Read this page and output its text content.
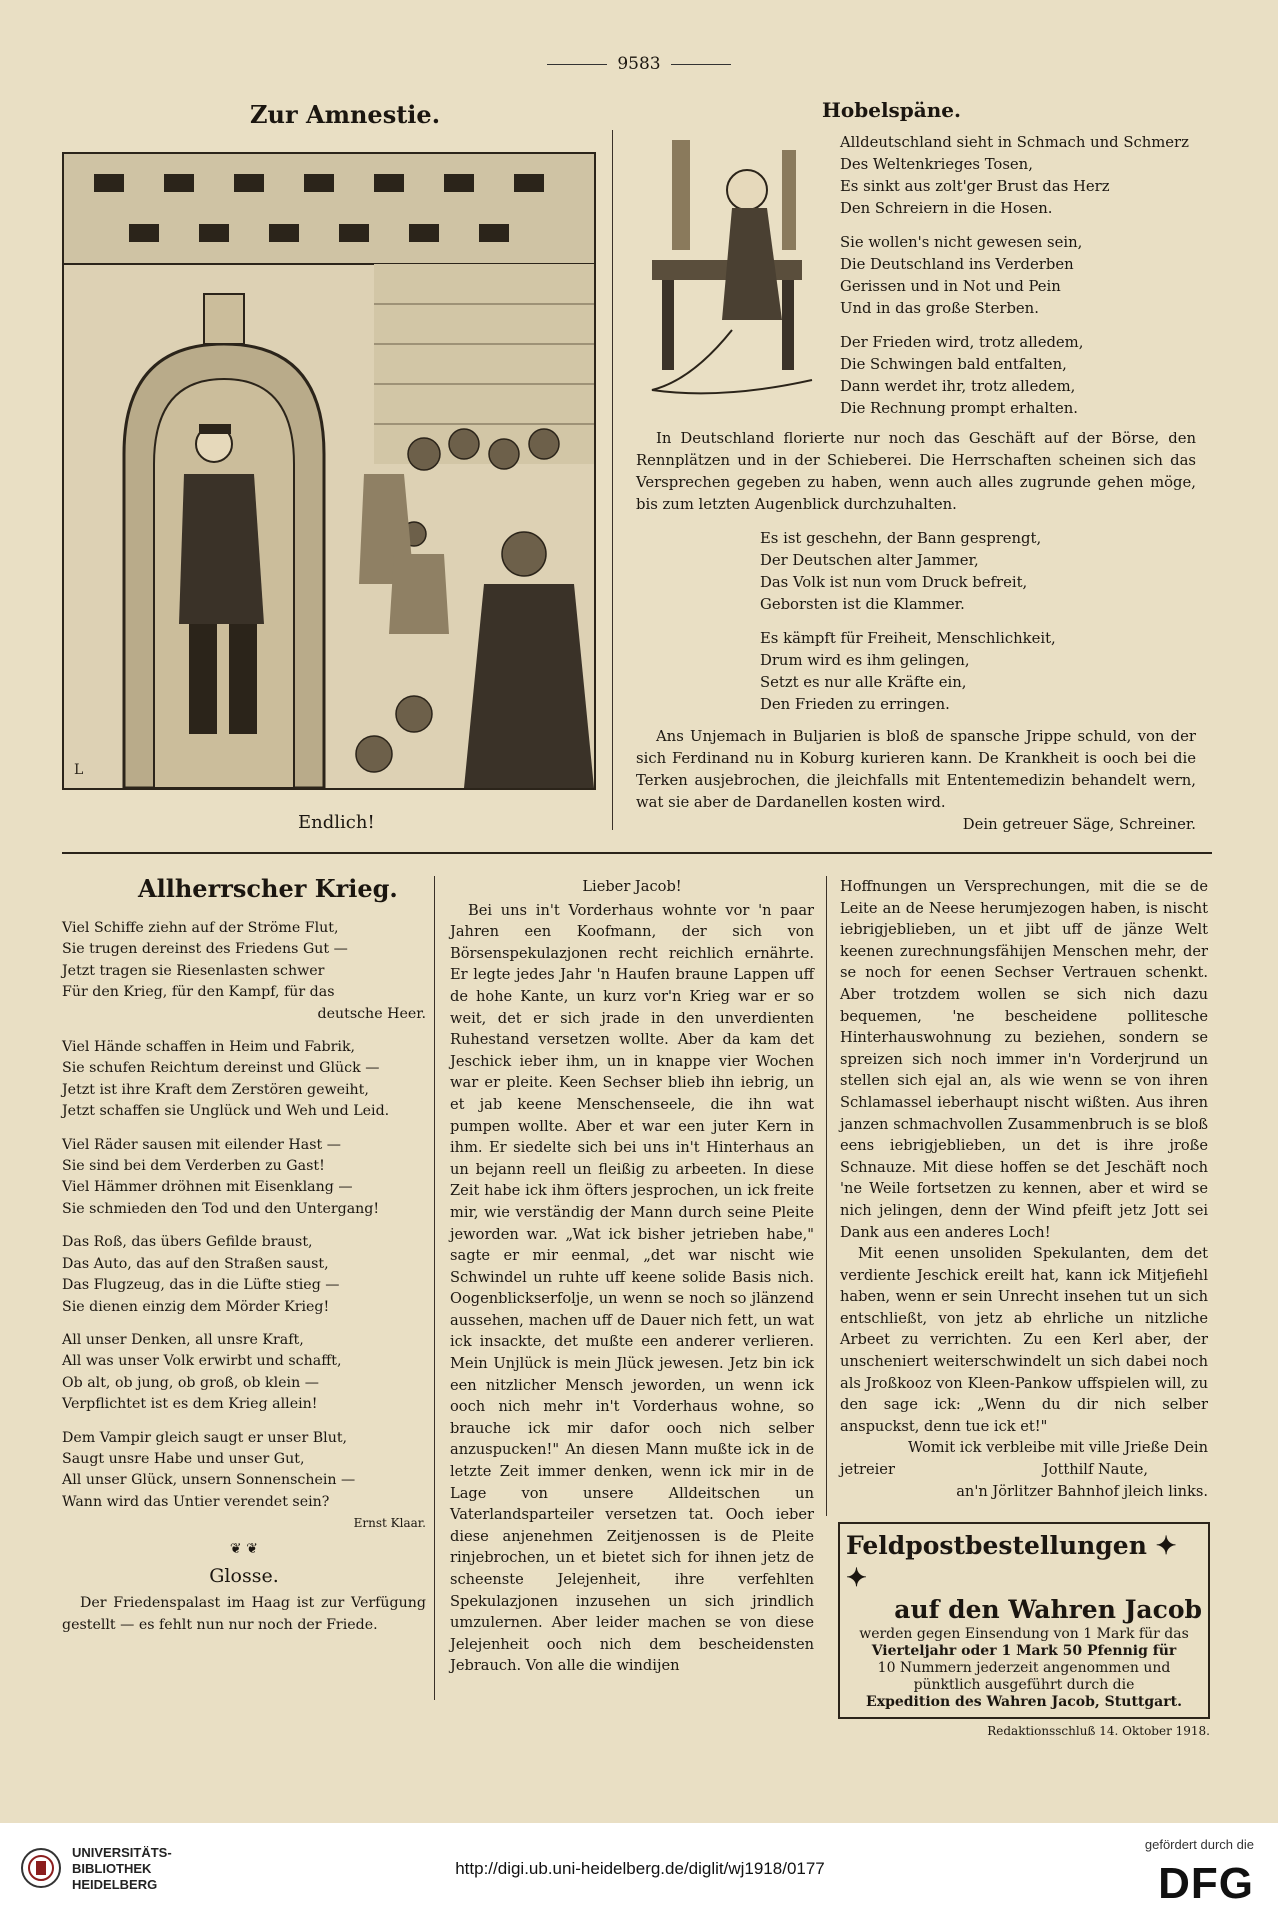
9583
Zur Amnestie.
L
Endlich!
Hobelspäne.
Alldeutschland sieht in Schmach und Schmerz
Des Weltenkrieges Tosen,
Es sinkt aus zolt'ger Brust das Herz
Den Schreiern in die Hosen.
Sie wollen's nicht gewesen sein,
Die Deutschland ins Verderben
Gerissen und in Not und Pein
Und in das große Sterben.
Der Frieden wird, trotz alledem,
Die Schwingen bald entfalten,
Dann werdet ihr, trotz alledem,
Die Rechnung prompt erhalten.
In Deutschland florierte nur noch das Geschäft auf der Börse, den Rennplätzen und in der Schieberei. Die Herrschaften scheinen sich das Versprechen gegeben zu haben, wenn auch alles zugrunde gehen möge, bis zum letzten Augenblick durchzuhalten.
Es ist geschehn, der Bann gesprengt,
Der Deutschen alter Jammer,
Das Volk ist nun vom Druck befreit,
Geborsten ist die Klammer.
Es kämpft für Freiheit, Menschlichkeit,
Drum wird es ihm gelingen,
Setzt es nur alle Kräfte ein,
Den Frieden zu erringen.
Ans Unjemach in Buljarien is bloß de spansche Jrippe schuld, von der sich Ferdinand nu in Koburg kurieren kann. De Krankheit is ooch bei die Terken ausjebrochen, die jleichfalls mit Ententemedizin behandelt wern, wat sie aber de Dardanellen kosten wird.
Dein getreuer Säge, Schreiner.
Allherrscher Krieg.
Viel Schiffe ziehn auf der Ströme Flut,
Sie trugen dereinst des Friedens Gut —
Jetzt tragen sie Riesenlasten schwer
Für den Krieg, für den Kampf, für das
deutsche Heer.
Viel Hände schaffen in Heim und Fabrik,
Sie schufen Reichtum dereinst und Glück —
Jetzt ist ihre Kraft dem Zerstören geweiht,
Jetzt schaffen sie Unglück und Weh und Leid.
Viel Räder sausen mit eilender Hast —
Sie sind bei dem Verderben zu Gast!
Viel Hämmer dröhnen mit Eisenklang —
Sie schmieden den Tod und den Untergang!
Das Roß, das übers Gefilde braust,
Das Auto, das auf den Straßen saust,
Das Flugzeug, das in die Lüfte stieg —
Sie dienen einzig dem Mörder Krieg!
All unser Denken, all unsre Kraft,
All was unser Volk erwirbt und schafft,
Ob alt, ob jung, ob groß, ob klein —
Verpflichtet ist es dem Krieg allein!
Dem Vampir gleich saugt er unser Blut,
Saugt unsre Habe und unser Gut,
All unser Glück, unsern Sonnenschein —
Wann wird das Untier verendet sein?
Ernst Klaar.
❦ ❦
Glosse.
Der Friedenspalast im Haag ist zur Verfügung gestellt — es fehlt nun nur noch der Friede.
Lieber Jacob!

Bei uns in't Vorderhaus wohnte vor 'n paar Jahren een Koofmann, der sich von Börsenspekulazjonen recht reichlich ernährte. Er legte jedes Jahr 'n Haufen braune Lappen uff de hohe Kante, un kurz vor'n Krieg war er so weit, det er sich jrade in den unverdienten Ruhestand versetzen wollte. Aber da kam det Jeschick ieber ihm, un in knappe vier Wochen war er pleite. Keen Sechser blieb ihn iebrig, un et jab keene Menschenseele, die ihn wat pumpen wollte. Aber et war een juter Kern in ihm. Er siedelte sich bei uns in't Hinterhaus an un bejann reell un fleißig zu arbeeten. In diese Zeit habe ick ihm öfters jesprochen, un ick freite mir, wie verständig der Mann durch seine Pleite jeworden war. „Wat ick bisher jetrieben habe," sagte er mir eenmal, „det war nischt wie Schwindel un ruhte uff keene solide Basis nich. Oogenblickserfolje, un wenn se noch so jlänzend aussehen, machen uff de Dauer nich fett, un wat ick insackte, det mußte een anderer verlieren. Mein Unjlück is mein Jlück jewesen. Jetz bin ick een nitzlicher Mensch jeworden, un wenn ick ooch nich mehr in't Vorderhaus wohne, so brauche ick mir dafor ooch nich selber anzuspucken!" An diesen Mann mußte ick in de letzte Zeit immer denken, wenn ick mir in de Lage von unsere Alldeitschen un Vaterlandsparteiler versetzen tat. Ooch ieber diese anjenehmen Zeitjenossen is de Pleite rinjebrochen, un et bietet sich for ihnen jetz de scheenste Jelejenheit, ihre verfehlten Spekulazjonen inzusehen un sich jrindlich umzulernen. Aber leider machen se von diese Jelejenheit ooch nich dem bescheidensten Jebrauch. Von alle die windijen

Hoffnungen un Versprechungen, mit die se de Leite an de Neese herumjezogen haben, is nischt iebrigjeblieben, un et jibt uff de jänze Welt keenen zurechnungsfähijen Menschen mehr, der se noch for eenen Sechser Vertrauen schenkt. Aber trotzdem wollen se sich nich dazu bequemen, 'ne bescheidene pollitesche Hinterhauswohnung zu beziehen, sondern se spreizen sich noch immer in'n Vorderjrund un stellen sich ejal an, als wie wenn se von ihren Schlamassel ieberhaupt nischt wißten. Aus ihren janzen schmachvollen Zusammenbruch is se bloß eens iebrigjeblieben, un det is ihre jroße Schnauze. Mit diese hoffen se det Jeschäft noch 'ne Weile fortsetzen zu kennen, aber et wird se nich jelingen, denn der Wind pfeift jetz Jott sei Dank aus een anderes Loch!

Mit eenen unsoliden Spekulanten, dem det verdiente Jeschick ereilt hat, kann ick Mitjefiehl haben, wenn er sein Unrecht insehen tut un sich entschließt, von jetz ab ehrliche un nitzliche Arbeet zu verrichten. Zu een Kerl aber, der unscheniert weiterschwindelt un sich dabei noch als Jroßkooz von Kleen-Pankow uffspielen will, zu den sage ick: „Wenn du dir nich selber anspuckst, denn tue ick et!"

Womit ick verbleibe mit ville Jrieße Dein
jetreier	Jotthilf Naute,
an'n Jörlitzer Bahnhof jleich links.
Feldpostbestellungen ✦ ✦
auf den Wahren Jacob
werden gegen Einsendung von 1 Mark für das
Vierteljahr oder 1 Mark 50 Pfennig für
10 Nummern jederzeit angenommen und
pünktlich ausgeführt durch die
Expedition des Wahren Jacob, Stuttgart.
Redaktionsschluß 14. Oktober 1918.
UNIVERSITÄTS-
BIBLIOTHEK
HEIDELBERG
http://digi.ub.uni-heidelberg.de/diglit/wj1918/0177
gefördert durch die
DFG
